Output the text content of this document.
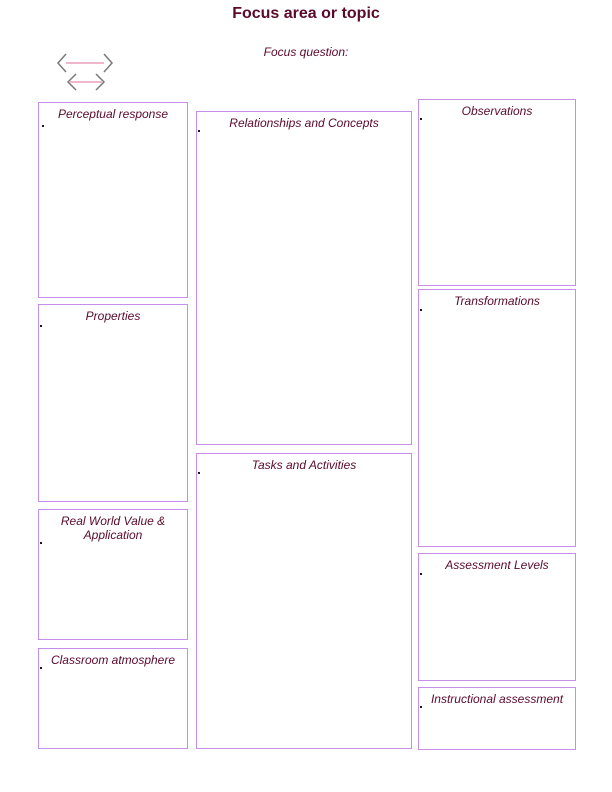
Focus area or topic
Focus question:
Perceptual response
Properties
Real World Value & Application
Classroom atmosphere
Relationships and Concepts
Tasks and Activities
Observations
Transformations
Assessment Levels
Instructional assessment
